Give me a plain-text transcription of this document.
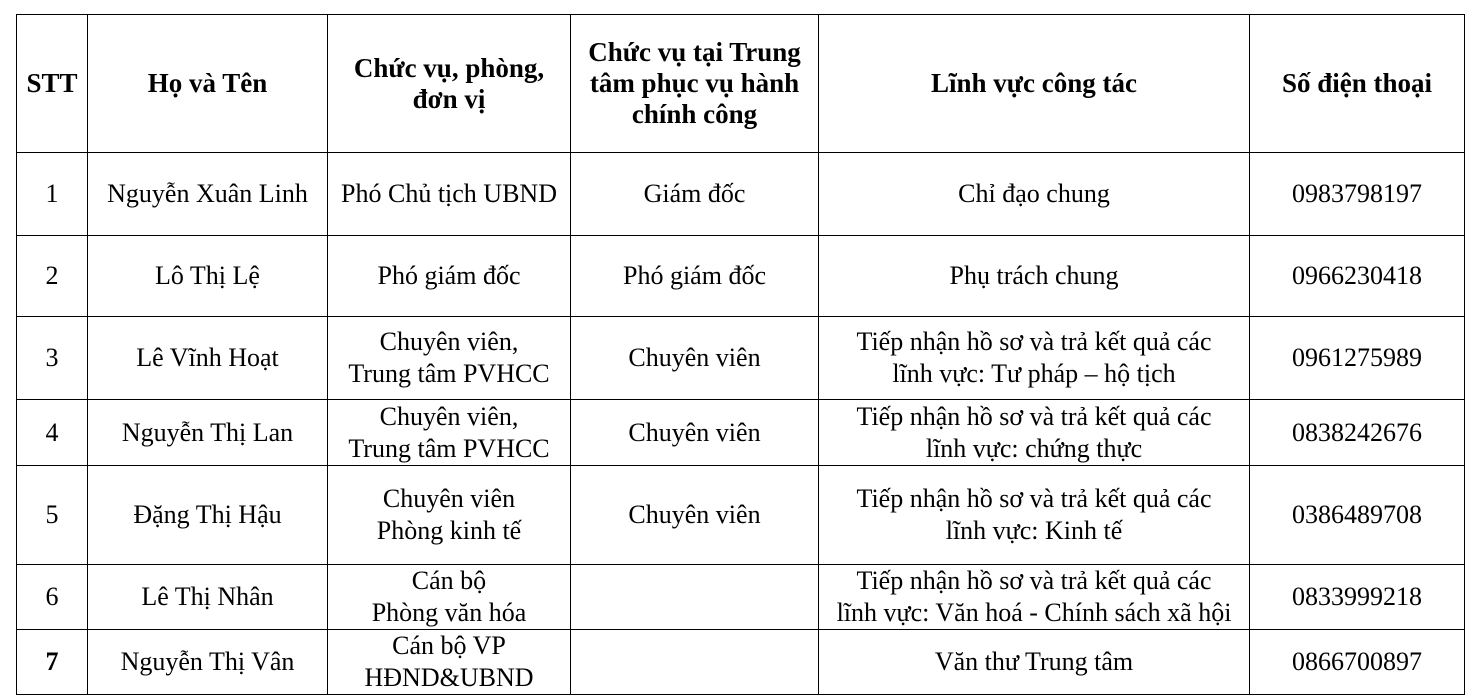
STT	Họ và Tên	Chức vụ, phòng,
đơn vị	Chức vụ tại Trung
tâm phục vụ hành
chính công	Lĩnh vực công tác	Số điện thoại
1	Nguyễn Xuân Linh	Phó Chủ tịch UBND	Giám đốc	Chỉ đạo chung	0983798197
2	Lô Thị Lệ	Phó giám đốc	Phó giám đốc	Phụ trách chung	0966230418
3	Lê Vĩnh Hoạt	Chuyên viên,
Trung tâm PVHCC	Chuyên viên	Tiếp nhận hồ sơ và trả kết quả các
lĩnh vực: Tư pháp – hộ tịch	0961275989
4	Nguyễn Thị Lan	Chuyên viên,
Trung tâm PVHCC	Chuyên viên	Tiếp nhận hồ sơ và trả kết quả các
lĩnh vực: chứng thực	0838242676
5	Đặng Thị Hậu	Chuyên viên
Phòng kinh tế	Chuyên viên	Tiếp nhận hồ sơ và trả kết quả các
lĩnh vực: Kinh tế	0386489708
6	Lê Thị Nhân	Cán bộ
Phòng văn hóa		Tiếp nhận hồ sơ và trả kết quả các
lĩnh vực: Văn hoá - Chính sách xã hội	0833999218
7	Nguyễn Thị Vân	Cán bộ VP
HĐND&UBND		Văn thư Trung tâm	0866700897
